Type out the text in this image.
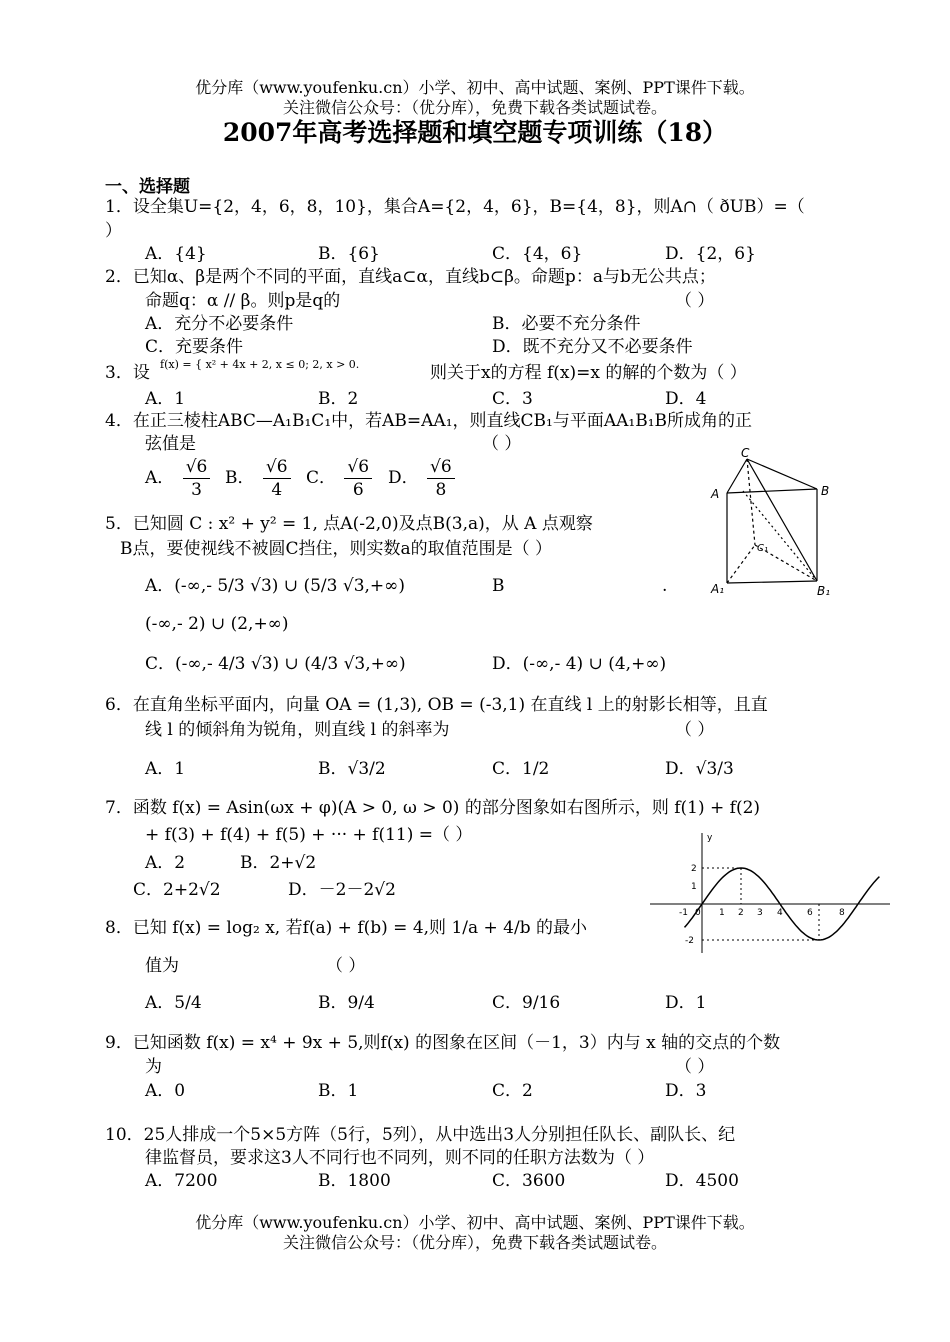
优分库（www.youfenku.cn）小学、初中、高中试题、案例、PPT课件下载。
关注微信公众号：（优分库），免费下载各类试题试卷。
2007年高考选择题和填空题专项训练（18）
一、选择题
1．设全集U={2，4，6，8，10}，集合A={2，4，6}，B={4，8}，则A∩（ ðUB）=（
）
A．{4}	B．{6}	C．{4，6}	D．{2，6}
2．已知α、β是两个不同的平面，直线a⊂α，直线b⊂β。命题p：a与b无公共点；
命题q：α // β。则p是q的	（ ）
A．充分不必要条件	B．必要不充分条件
C．充要条件	D．既不充分又不必要条件
3．设 f(x) = { x² + 4x + 2, x ≤ 0; 2, x > 0.	则关于x的方程 f(x)=x 的解的个数为（ ）
A．1	B．2	C．3	D．4
4．在正三棱柱ABC—A₁B₁C₁中，若AB=AA₁，则直线CB₁与平面AA₁B₁B所成角的正
弦值是	（ ）
A． $\frac{√6}{3}$ B． $\frac{√6}{4}$ C． $\frac{√6}{6}$ D． $\frac{√6}{8}$
C
A	B
C₁
A₁	B₁
5．已知圆 C : x² + y² = 1, 点A(-2,0)及点B(3,a)，从 A 点观察
B点，要使视线不被圆C挡住，则实数a的取值范围是（ ）
A．(-∞,- 5/3 √3) ∪ (5/3 √3,+∞)	B	.
(-∞,- 2) ∪ (2,+∞)
C．(-∞,- 4/3 √3) ∪ (4/3 √3,+∞)	D．(-∞,- 4) ∪ (4,+∞)
6．在直角坐标平面内，向量 OA = (1,3), OB = (-3,1) 在直线 l 上的射影长相等，且直
线 l 的倾斜角为锐角，则直线 l 的斜率为	（ ）
A．1	B．√3/2	C．1/2	D．√3/3
7．函数 f(x) = Asin(ωx + φ)(A > 0, ω > 0) 的部分图象如右图所示，则 f(1) + f(2)
+ f(3) + f(4) + f(5) + ··· + f(11) =（ ）
A．2	B．2+√2
C．2+2√2	D．－2－2√2
y
2
1
-2
-1 0 1 2 3 4	6	8
8．已知 f(x) = log₂ x, 若f(a) + f(b) = 4,则 1/a + 4/b 的最小
值为	（ ）
A．5/4	B．9/4	C．9/16	D．1
9．已知函数 f(x) = x⁴ + 9x + 5,则f(x) 的图象在区间（－1，3）内与 x 轴的交点的个数
为	（ ）
A．0	B．1	C．2	D．3
10．25人排成一个5×5方阵（5行，5列），从中选出3人分别担任队长、副队长、纪
律监督员，要求这3人不同行也不同列，则不同的任职方法数为（ ）
A．7200	B．1800	C．3600	D．4500
优分库（www.youfenku.cn）小学、初中、高中试题、案例、PPT课件下载。
关注微信公众号：（优分库），免费下载各类试题试卷。
